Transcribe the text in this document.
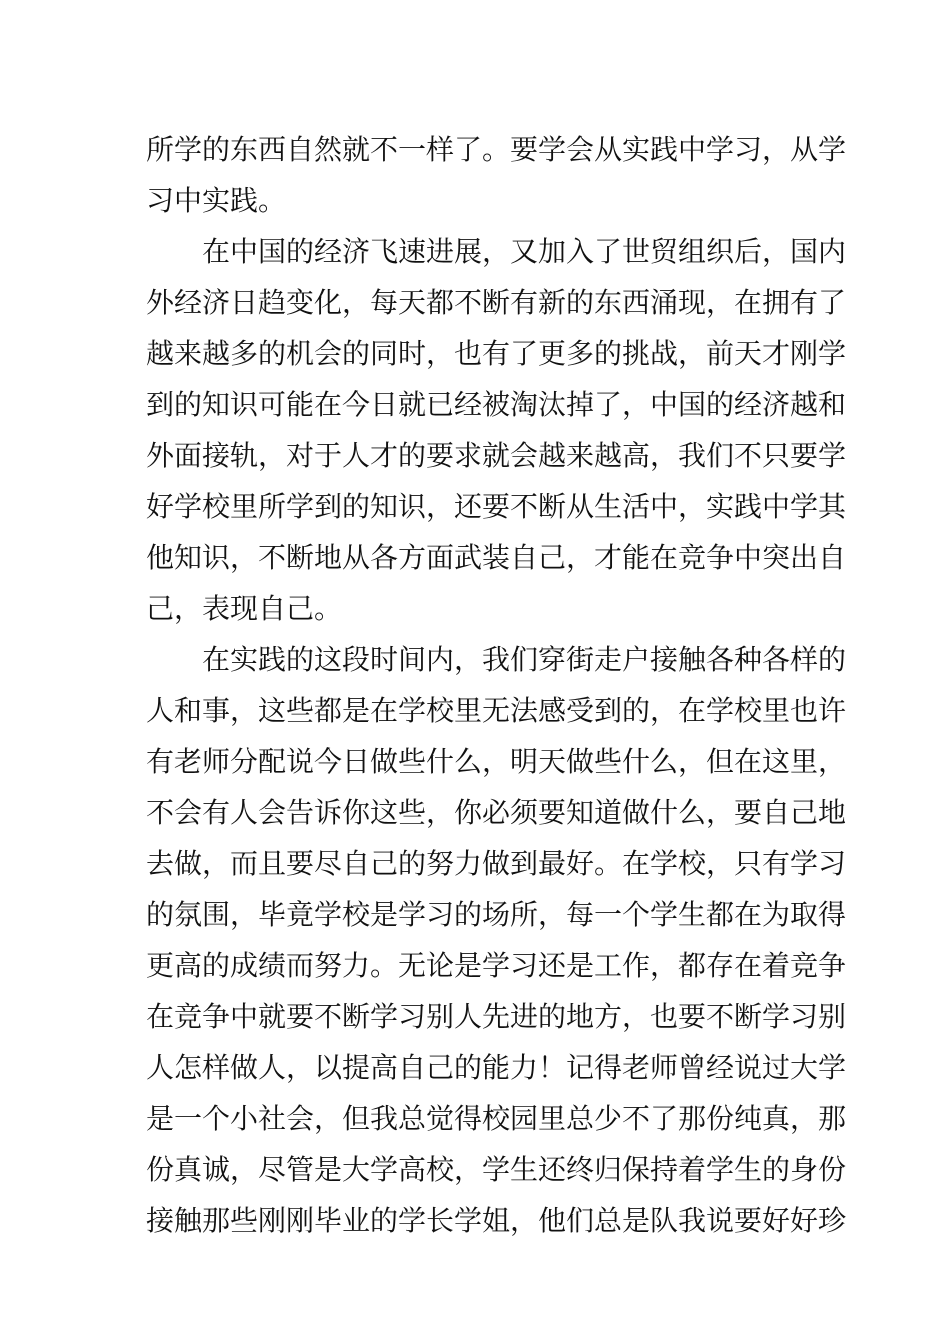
所学的东西自然就不一样了。要学会从实践中学习，从学
习中实践。
在中国的经济飞速进展，又加入了世贸组织后，国内
外经济日趋变化，每天都不断有新的东西涌现，在拥有了
越来越多的机会的同时，也有了更多的挑战，前天才刚学
到的知识可能在今日就已经被淘汰掉了，中国的经济越和
外面接轨，对于人才的要求就会越来越高，我们不只要学
好学校里所学到的知识，还要不断从生活中，实践中学其
他知识，不断地从各方面武装自己，才能在竞争中突出自
己，表现自己。
在实践的这段时间内，我们穿街走户接触各种各样的
人和事，这些都是在学校里无法感受到的，在学校里也许
有老师分配说今日做些什么，明天做些什么，但在这里，
不会有人会告诉你这些，你必须要知道做什么，要自己地
去做，而且要尽自己的努力做到最好。在学校，只有学习
的氛围，毕竟学校是学习的场所，每一个学生都在为取得
更高的成绩而努力。无论是学习还是工作，都存在着竞争
在竞争中就要不断学习别人先进的地方，也要不断学习别
人怎样做人，以提高自己的能力！记得老师曾经说过大学
是一个小社会，但我总觉得校园里总少不了那份纯真，那
份真诚，尽管是大学高校，学生还终归保持着学生的身份
接触那些刚刚毕业的学长学姐，他们总是队我说要好好珍
